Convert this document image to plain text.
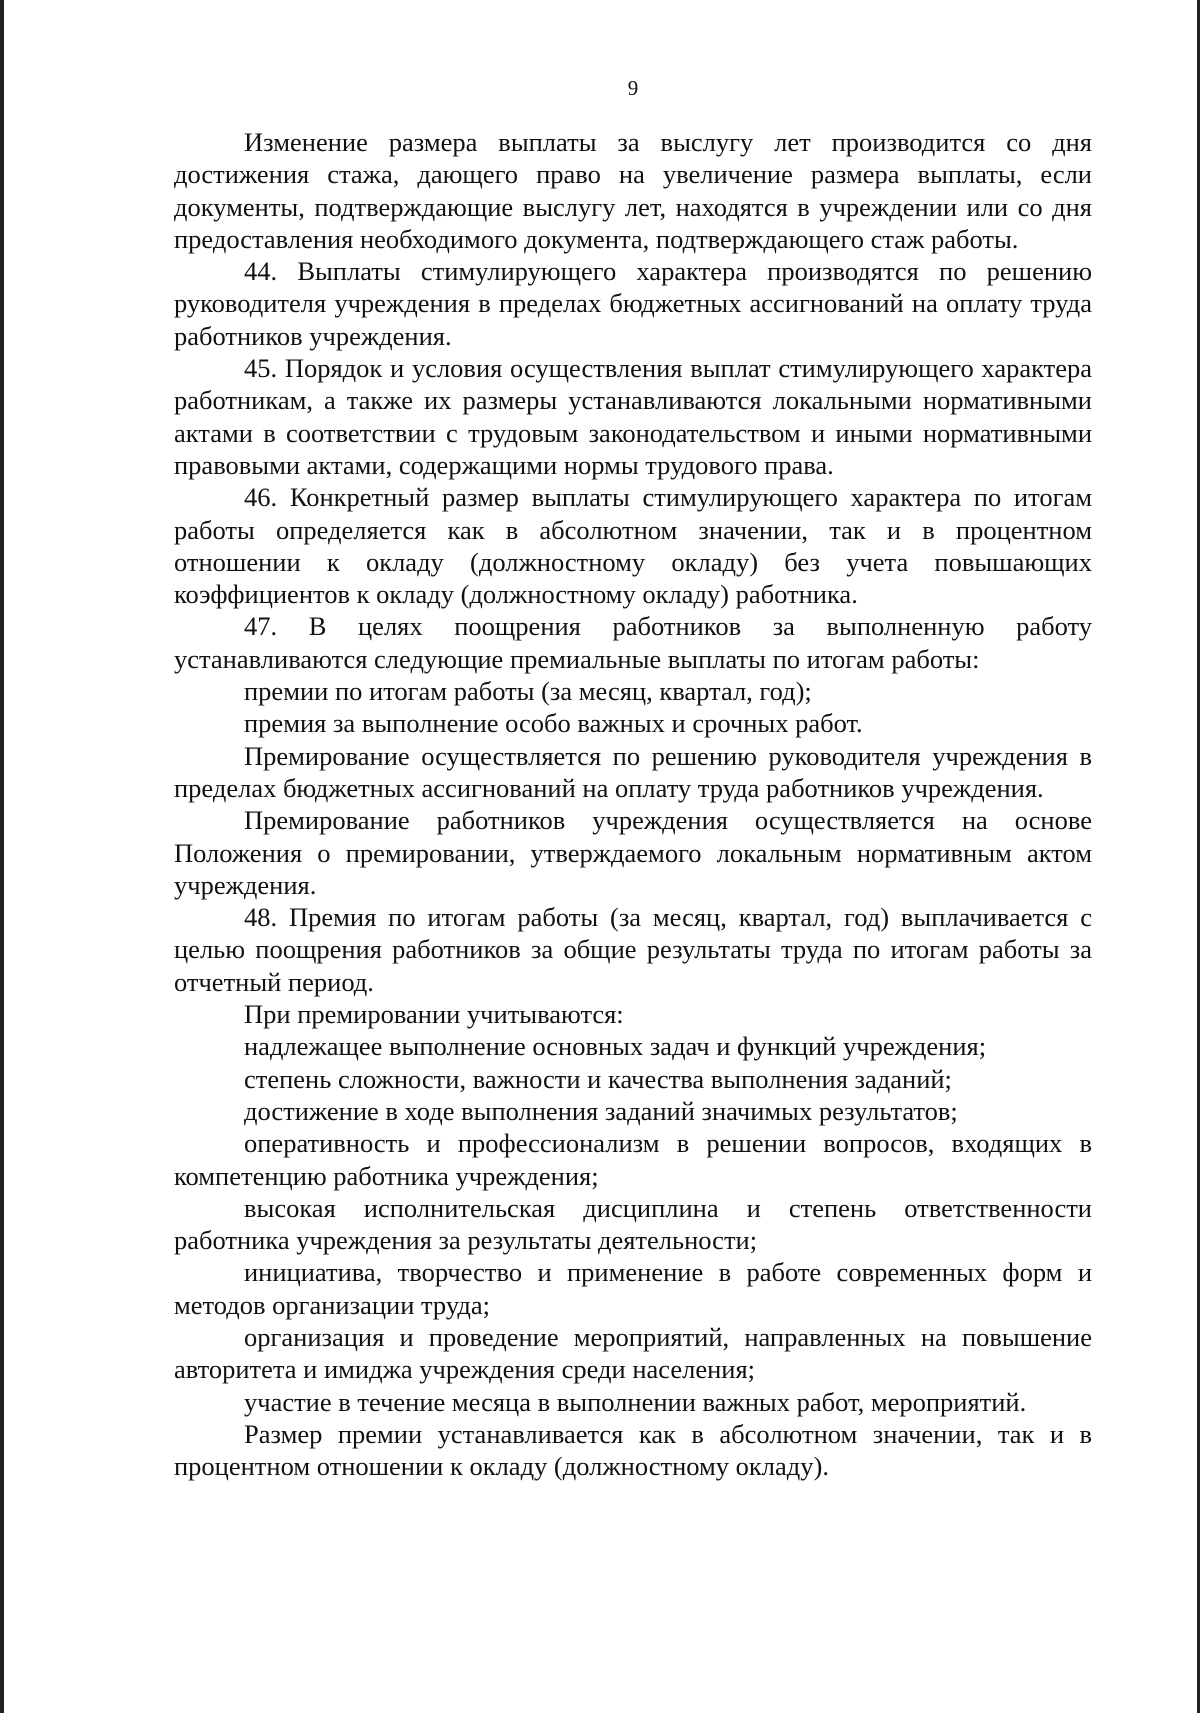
9

Изменение размера выплаты за выслугу лет производится со дня достижения стажа, дающего право на увеличение размера выплаты, если документы, подтверждающие выслугу лет, находятся в учреждении или со дня предоставления необходимого документа, подтверждающего стаж работы.

44. Выплаты стимулирующего характера производятся по решению руководителя учреждения в пределах бюджетных ассигнований на оплату труда работников учреждения.

45. Порядок и условия осуществления выплат стимулирующего характера работникам, а также их размеры устанавливаются локальными нормативными актами в соответствии с трудовым законодательством и иными нормативными правовыми актами, содержащими нормы трудового права.

46. Конкретный размер выплаты стимулирующего характера по итогам работы определяется как в абсолютном значении, так и в процентном отношении к окладу (должностному окладу) без учета повышающих коэффициентов к окладу (должностному окладу) работника.

47. В целях поощрения работников за выполненную работу устанавливаются следующие премиальные выплаты по итогам работы:

премии по итогам работы (за месяц, квартал, год);

премия за выполнение особо важных и срочных работ.

Премирование осуществляется по решению руководителя учреждения в пределах бюджетных ассигнований на оплату труда работников учреждения.

Премирование работников учреждения осуществляется на основе Положения о премировании, утверждаемого локальным нормативным актом учреждения.

48. Премия по итогам работы (за месяц, квартал, год) выплачивается с целью поощрения работников за общие результаты труда по итогам работы за отчетный период.

При премировании учитываются:

надлежащее выполнение основных задач и функций учреждения;

степень сложности, важности и качества выполнения заданий;

достижение в ходе выполнения заданий значимых результатов;

оперативность и профессионализм в решении вопросов, входящих в компетенцию работника учреждения;

высокая исполнительская дисциплина и степень ответственности работника учреждения за результаты деятельности;

инициатива, творчество и применение в работе современных форм и методов организации труда;

организация и проведение мероприятий, направленных на повышение авторитета и имиджа учреждения среди населения;

участие в течение месяца в выполнении важных работ, мероприятий.

Размер премии устанавливается как в абсолютном значении, так и в процентном отношении к окладу (должностному окладу).
